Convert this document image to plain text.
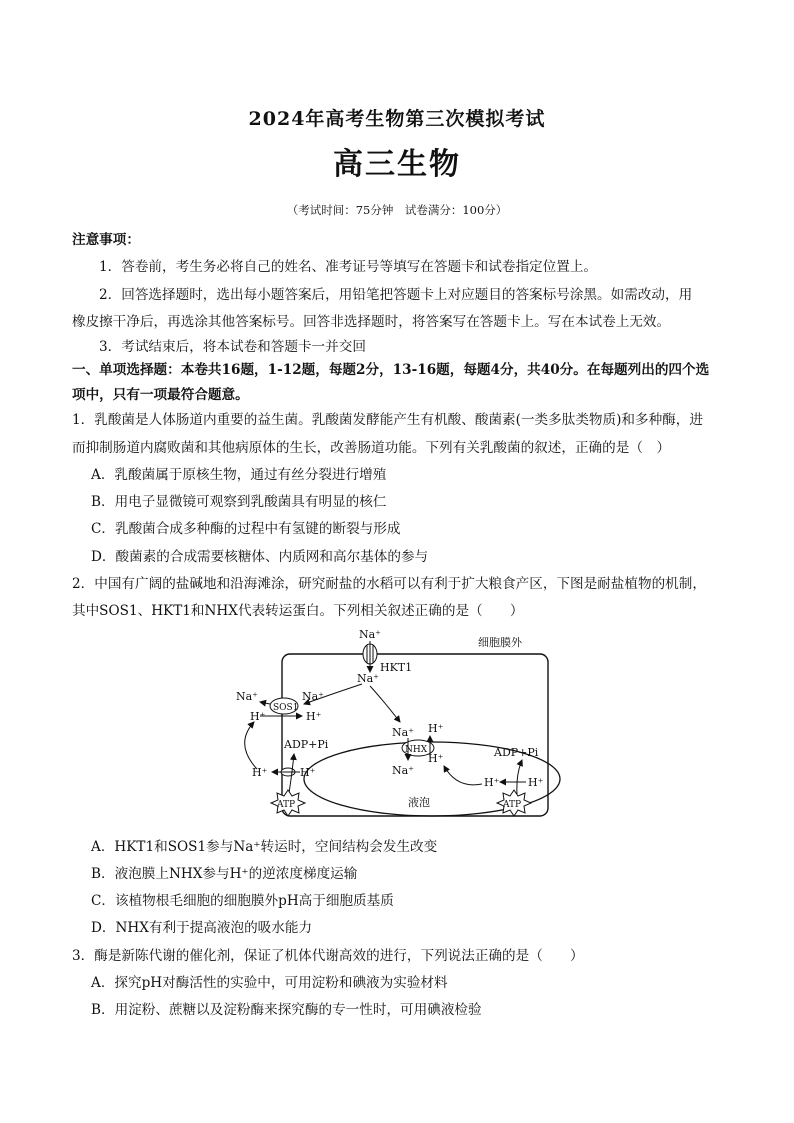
2024年高考生物第三次模拟考试
高三生物
（考试时间：75分钟　试卷满分：100分）
注意事项：
1．答卷前，考生务必将自己的姓名、准考证号等填写在答题卡和试卷指定位置上。
2．回答选择题时，选出每小题答案后，用铅笔把答题卡上对应题目的答案标号涂黑。如需改动，用
橡皮擦干净后，再选涂其他答案标号。回答非选择题时，将答案写在答题卡上。写在本试卷上无效。
3．考试结束后，将本试卷和答题卡一并交回
一、单项选择题：本卷共16题，1-12题，每题2分，13-16题，每题4分，共40分。在每题列出的四个选
项中，只有一项最符合题意。
1．乳酸菌是人体肠道内重要的益生菌。乳酸菌发酵能产生有机酸、酸菌素(一类多肽类物质)和多种酶，进
而抑制肠道内腐败菌和其他病原体的生长，改善肠道功能。下列有关乳酸菌的叙述，正确的是（　）
A．乳酸菌属于原核生物，通过有丝分裂进行增殖
B．用电子显微镜可观察到乳酸菌具有明显的核仁
C．乳酸菌合成多种酶的过程中有氢键的断裂与形成
D．酸菌素的合成需要核糖体、内质网和高尔基体的参与
2．中国有广阔的盐碱地和沿海滩涂，研究耐盐的水稻可以有利于扩大粮食产区，下图是耐盐植物的机制，
其中SOS1、HKT1和NHX代表转运蛋白。下列相关叙述正确的是（　　）
细胞膜外
Na⁺
HKT1
Na⁺
SOS1
Na⁺	Na⁺
H⁺	H⁺
ADP+Pi
H⁺	H⁺
ATP	液泡
NHX
Na⁺ H⁺
Na⁺
H⁺	ADP+Pi
H⁺	H⁺
ATP
A．HKT1和SOS1参与Na⁺转运时，空间结构会发生改变
B．液泡膜上NHX参与H⁺的逆浓度梯度运输
C．该植物根毛细胞的细胞膜外pH高于细胞质基质
D．NHX有利于提高液泡的吸水能力
3．酶是新陈代谢的催化剂，保证了机体代谢高效的进行，下列说法正确的是（　　）
A．探究pH对酶活性的实验中，可用淀粉和碘液为实验材料
B．用淀粉、蔗糖以及淀粉酶来探究酶的专一性时，可用碘液检验
